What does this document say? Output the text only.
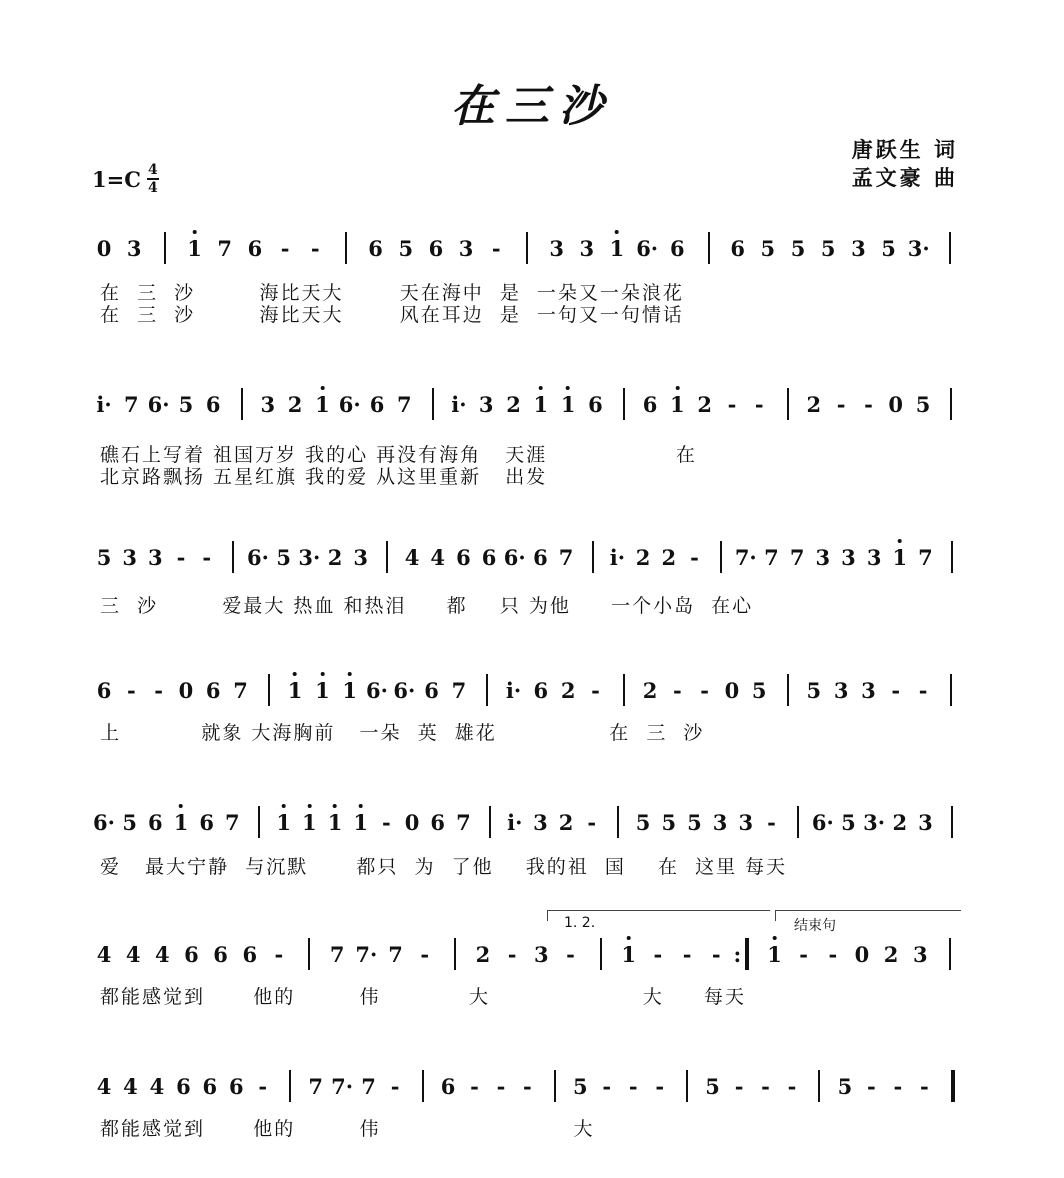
在三沙
唐跃生 词
孟文豪 曲
$1=C \frac{4}{4}$
1. 2.	结束句
0 3 1 7 6 - - 6 5 6 3 - 3 3 1 6· 6 6 5 5 5 3 5 3·
在  三  沙        海比天大       天在海中  是  一朵又一朵浪花
在  三  沙        海比天大       风在耳边  是  一句又一句情话
i· 7 6· 5 6 3 2 1 6· 6 7 i· 3 2 1 1 6 6 1 2 - - 2 - - 0 5
礁石上写着 祖国万岁 我的心 再没有海角   天涯                在
北京路飘扬 五星红旗 我的爱 从这里重新   出发
5 3 3 - - 6· 5 3· 2 3 4 4 6 6 6· 6 7 i· 2 2 - 7· 7 7 3 3 3 1 7
三  沙        爱最大 热血 和热泪     都    只 为他     一个小岛  在心
6 - - 0 6 7 1 1 1 6· 6· 6 7 i· 6 2 - 2 - - 0 5 5 3 3 - -
上          就象 大海胸前   一朵  英  雄花              在  三  沙
6· 5 6 1 6 7 1 1 1 1 - 0 6 7 i· 3 2 - 5 5 5 3 3 - 6· 5 3· 2 3
爱   最大宁静  与沉默      都只  为  了他    我的祖  国    在  这里 每天
4 4 4 6 6 6 - 7 7· 7 - 2 - 3 - 1 - - - : 1 - - 0 2 3
都能感觉到      他的        伟           大                   大     每天
4 4 4 6 6 6 - 7 7· 7 - 6 - - - 5 - - - 5 - - - 5 - - -
都能感觉到      他的        伟                        大
